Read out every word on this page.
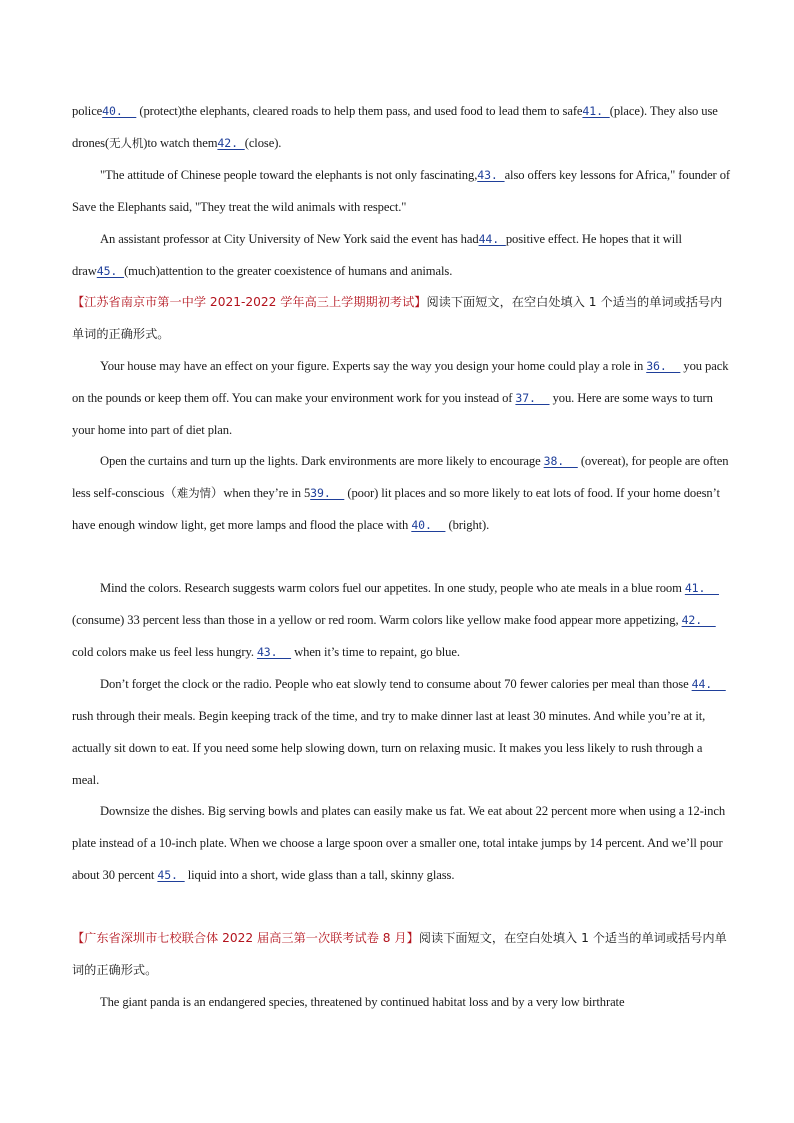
police40.   (protect)the elephants, cleared roads to help them pass, and used food to lead them to safe41. (place). They also use drones(无人机)to watch them42. (close).

"The attitude of Chinese people toward the elephants is not only fascinating,43. also offers key lessons for Africa," founder of Save the Elephants said, "They treat the wild animals with respect."

An assistant professor at City University of New York said the event has had44. positive effect. He hopes that it will draw45. (much)attention to the greater coexistence of humans and animals.

【江苏省南京市第一中学 2021-2022 学年高三上学期期初考试】阅读下面短文，在空白处填入 1 个适当的单词或括号内单词的正确形式。

Your house may have an effect on your figure. Experts say the way you design your home could play a role in 36.   you pack on the pounds or keep them off. You can make your environment work for you instead of 37.   you. Here are some ways to turn your home into part of diet plan.

Open the curtains and turn up the lights. Dark environments are more likely to encourage 38.   (overeat), for people are often less self-conscious（难为情）when they’re in 539.   (poor) lit places and so more likely to eat lots of food. If your home doesn’t have enough window light, get more lamps and flood the place with 40.   (bright).

Mind the colors. Research suggests warm colors fuel our appetites. In one study, people who ate meals in a blue room 41.   (consume) 33 percent less than those in a yellow or red room. Warm colors like yellow make food appear more appetizing, 42.   cold colors make us feel less hungry. 43.   when it’s time to repaint, go blue.

Don’t forget the clock or the radio. People who eat slowly tend to consume about 70 fewer calories per meal than those 44.   rush through their meals. Begin keeping track of the time, and try to make dinner last at least 30 minutes. And while you’re at it, actually sit down to eat. If you need some help slowing down, turn on relaxing music. It makes you less likely to rush through a meal.

Downsize the dishes. Big serving bowls and plates can easily make us fat. We eat about 22 percent more when using a 12-inch plate instead of a 10-inch plate. When we choose a large spoon over a smaller one, total intake jumps by 14 percent. And we’ll pour about 30 percent 45.  liquid into a short, wide glass than a tall, skinny glass.

【广东省深圳市七校联合体 2022 届高三第一次联考试卷 8 月】阅读下面短文，在空白处填入 1 个适当的单词或括号内单词的正确形式。

The giant panda is an endangered species, threatened by continued habitat loss and by a very low birthrate
